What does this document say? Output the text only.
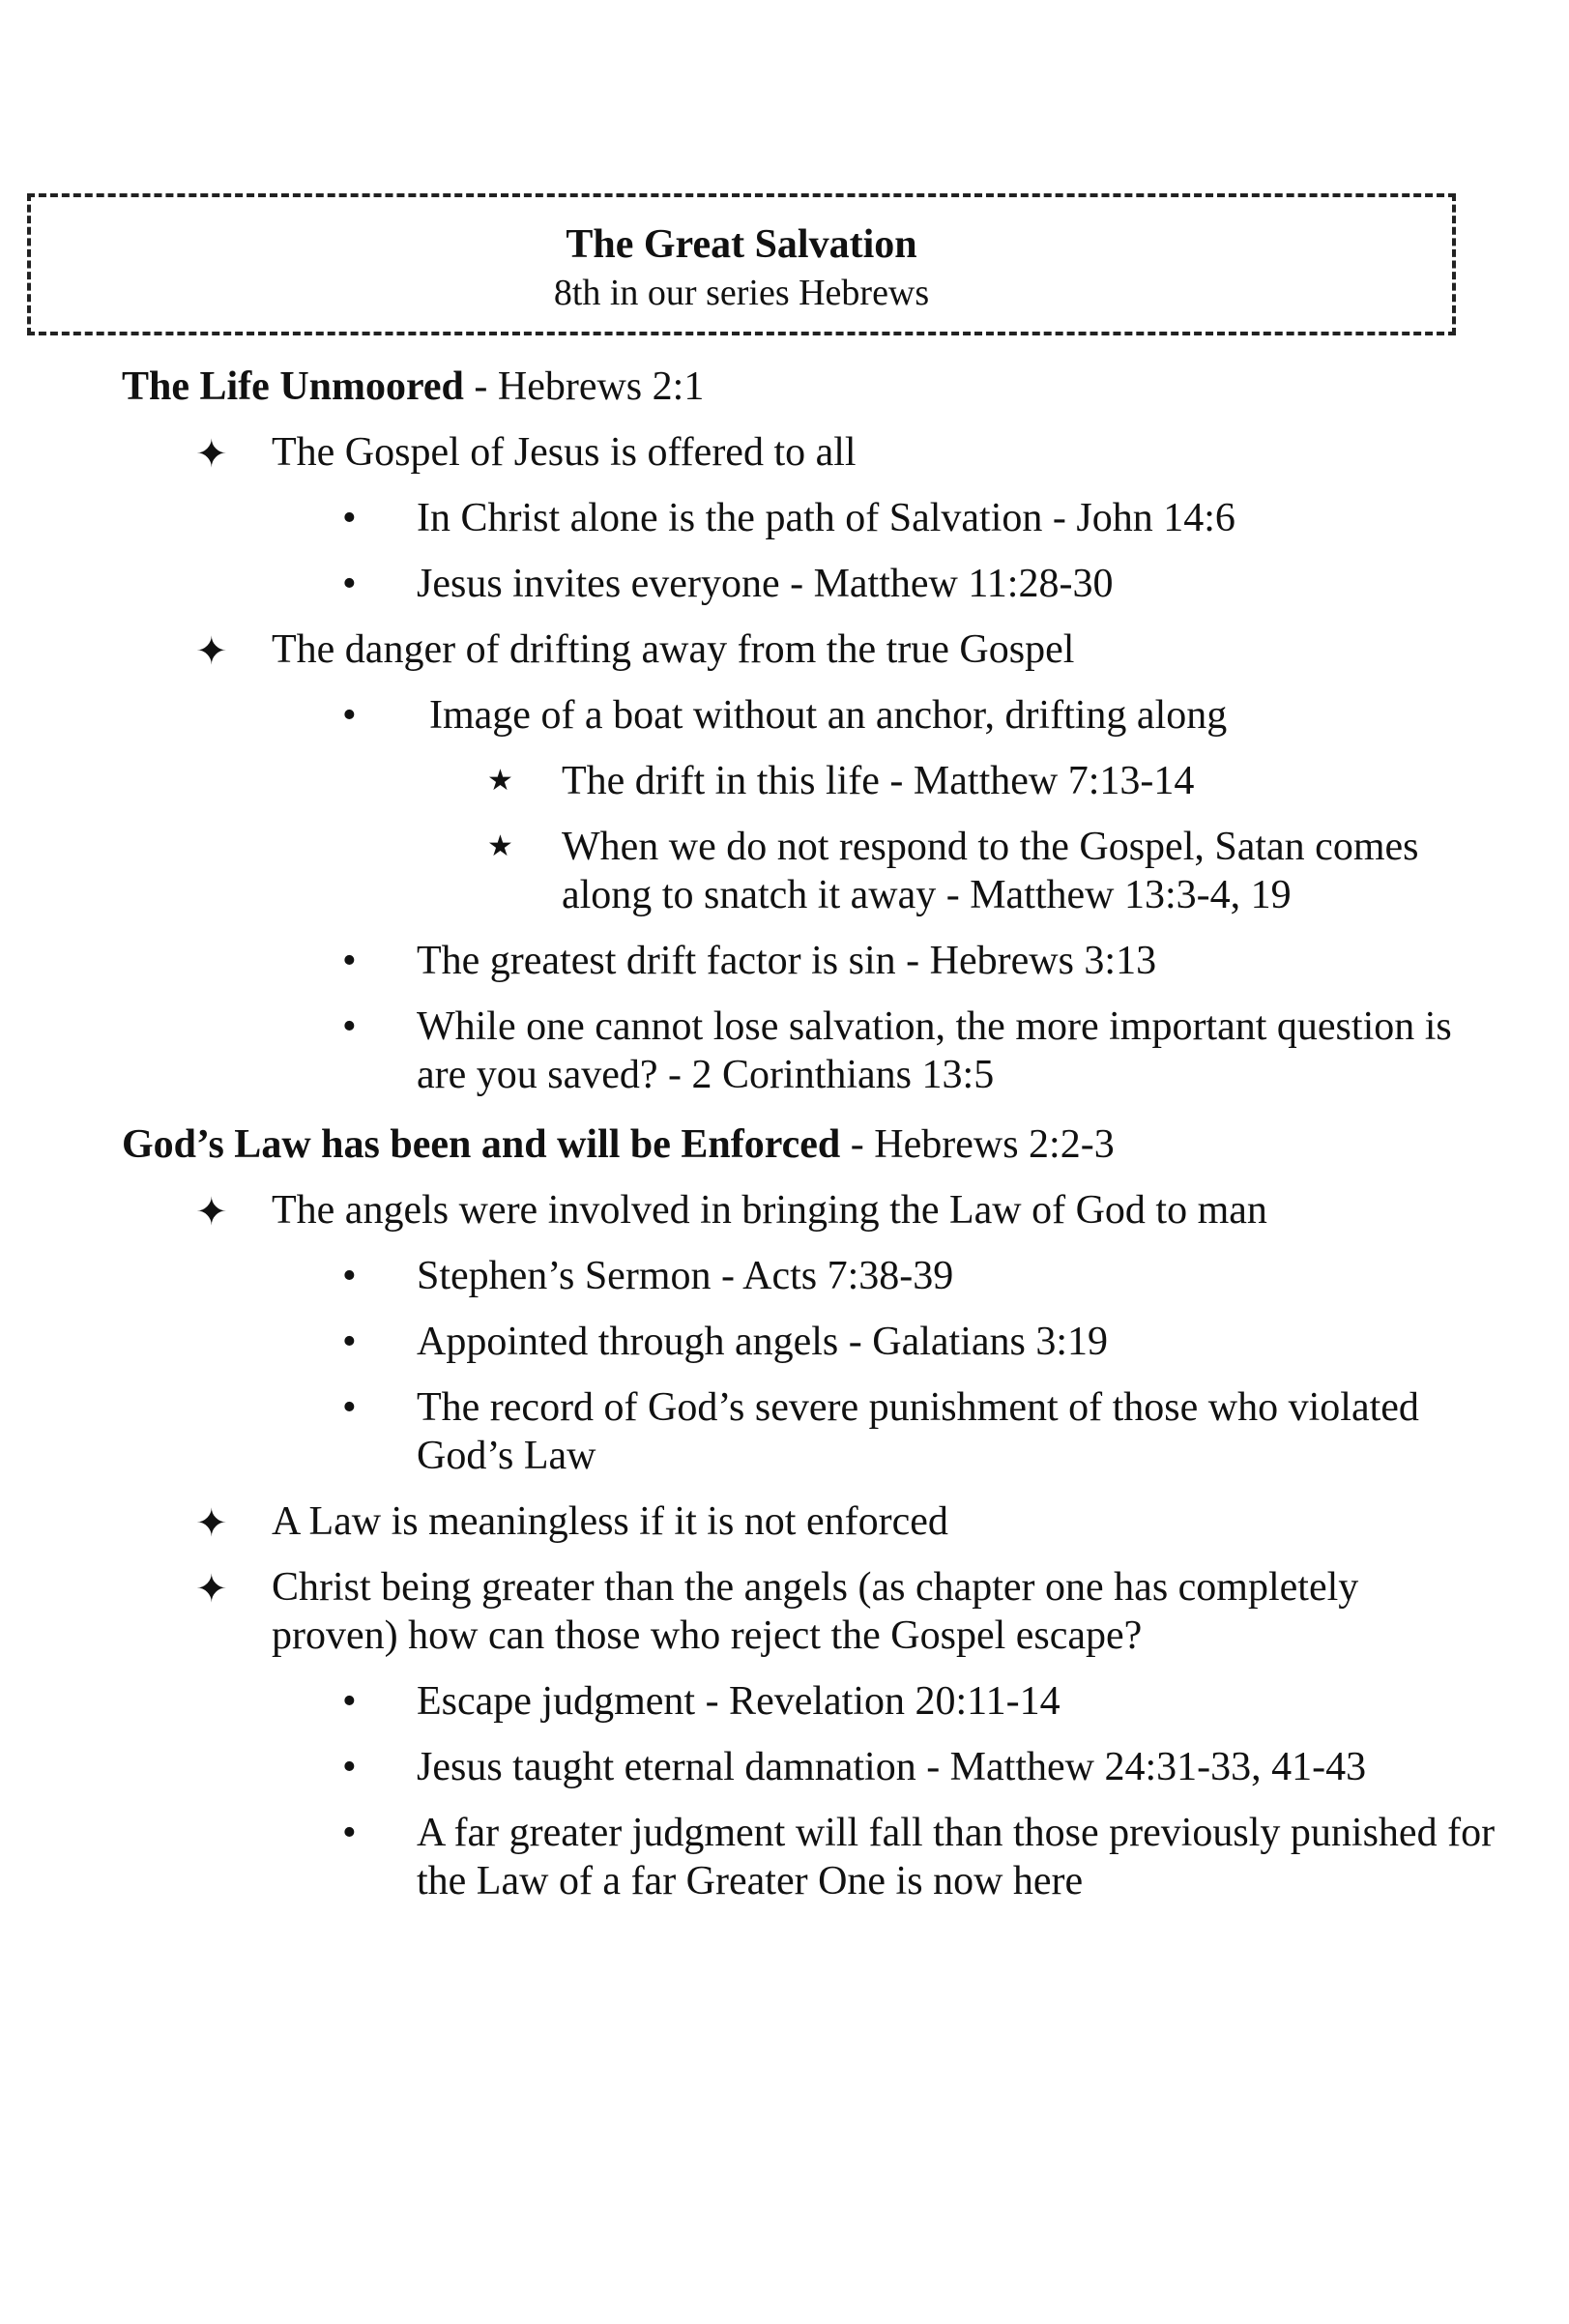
The Great Salvation
8th in our series Hebrews
The Life Unmoored - Hebrews 2:1
✦ The Gospel of Jesus is offered to all
• In Christ alone is the path of Salvation - John 14:6
• Jesus invites everyone - Matthew 11:28-30
✦ The danger of drifting away from the true Gospel
• Image of a boat without an anchor, drifting along
★ The drift in this life - Matthew 7:13-14
★ When we do not respond to the Gospel, Satan comes along to snatch it away - Matthew 13:3-4, 19
• The greatest drift factor is sin - Hebrews 3:13
• While one cannot lose salvation, the more important question is are you saved? - 2 Corinthians 13:5
God’s Law has been and will be Enforced - Hebrews 2:2-3
✦ The angels were involved in bringing the Law of God to man
• Stephen’s Sermon - Acts 7:38-39
• Appointed through angels - Galatians 3:19
• The record of God’s severe punishment of those who violated God’s Law
✦ A Law is meaningless if it is not enforced
✦ Christ being greater than the angels (as chapter one has completely proven) how can those who reject the Gospel escape?
• Escape judgment - Revelation 20:11-14
• Jesus taught eternal damnation - Matthew 24:31-33, 41-43
• A far greater judgment will fall than those previously punished for the Law of a far Greater One is now here
